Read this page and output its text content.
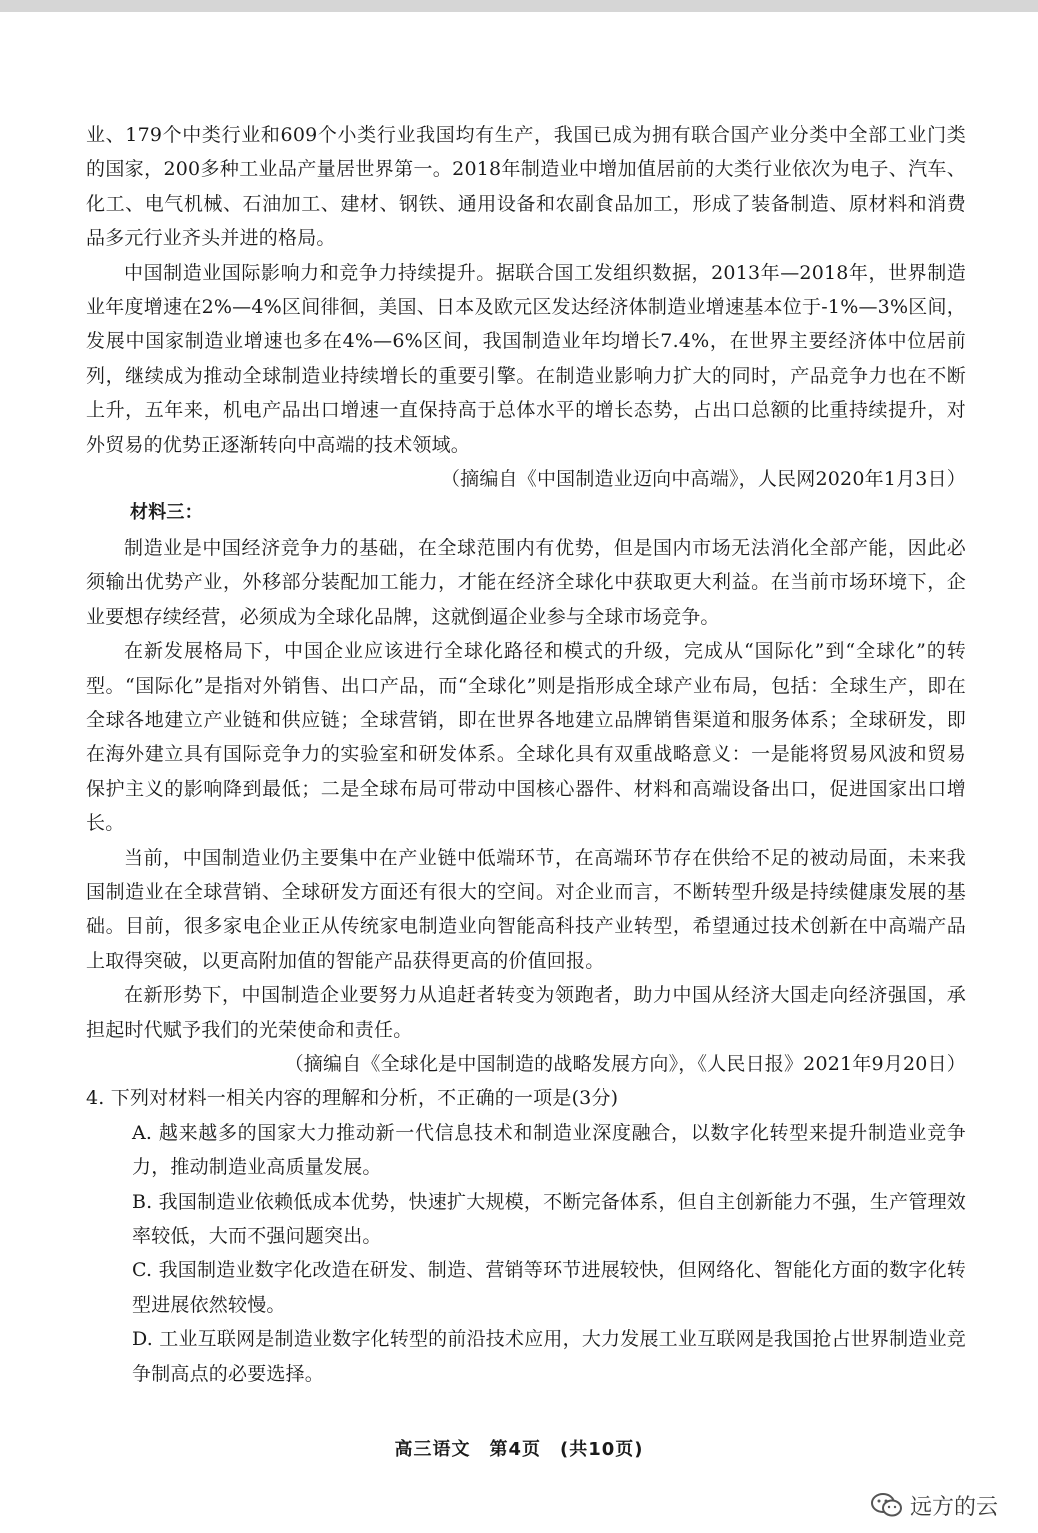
业、179个中类行业和609个小类行业我国均有生产，我国已成为拥有联合国产业分类中全部工业门类的国家，200多种工业品产量居世界第一。2018年制造业中增加值居前的大类行业依次为电子、汽车、化工、电气机械、石油加工、建材、钢铁、通用设备和农副食品加工，形成了装备制造、原材料和消费品多元行业齐头并进的格局。

中国制造业国际影响力和竞争力持续提升。据联合国工发组织数据，2013年—2018年，世界制造业年度增速在2%—4%区间徘徊，美国、日本及欧元区发达经济体制造业增速基本位于-1%—3%区间，发展中国家制造业增速也多在4%—6%区间，我国制造业年均增长7.4%，在世界主要经济体中位居前列，继续成为推动全球制造业持续增长的重要引擎。在制造业影响力扩大的同时，产品竞争力也在不断上升，五年来，机电产品出口增速一直保持高于总体水平的增长态势，占出口总额的比重持续提升，对外贸易的优势正逐渐转向中高端的技术领域。

（摘编自《中国制造业迈向中高端》，人民网2020年1月3日）

材料三：

制造业是中国经济竞争力的基础，在全球范围内有优势，但是国内市场无法消化全部产能，因此必须输出优势产业，外移部分装配加工能力，才能在经济全球化中获取更大利益。在当前市场环境下，企业要想存续经营，必须成为全球化品牌，这就倒逼企业参与全球市场竞争。

在新发展格局下，中国企业应该进行全球化路径和模式的升级，完成从“国际化”到“全球化”的转型。“国际化”是指对外销售、出口产品，而“全球化”则是指形成全球产业布局，包括：全球生产，即在全球各地建立产业链和供应链；全球营销，即在世界各地建立品牌销售渠道和服务体系；全球研发，即在海外建立具有国际竞争力的实验室和研发体系。全球化具有双重战略意义：一是能将贸易风波和贸易保护主义的影响降到最低；二是全球布局可带动中国核心器件、材料和高端设备出口，促进国家出口增长。

当前，中国制造业仍主要集中在产业链中低端环节，在高端环节存在供给不足的被动局面，未来我国制造业在全球营销、全球研发方面还有很大的空间。对企业而言，不断转型升级是持续健康发展的基础。目前，很多家电企业正从传统家电制造业向智能高科技产业转型，希望通过技术创新在中高端产品上取得突破，以更高附加值的智能产品获得更高的价值回报。

在新形势下，中国制造企业要努力从追赶者转变为领跑者，助力中国从经济大国走向经济强国，承担起时代赋予我们的光荣使命和责任。

（摘编自《全球化是中国制造的战略发展方向》，《人民日报》2021年9月20日）

4. 下列对材料一相关内容的理解和分析，不正确的一项是(3分)

A. 越来越多的国家大力推动新一代信息技术和制造业深度融合，以数字化转型来提升制造业竞争力，推动制造业高质量发展。

B. 我国制造业依赖低成本优势，快速扩大规模，不断完备体系，但自主创新能力不强，生产管理效率较低，大而不强问题突出。

C. 我国制造业数字化改造在研发、制造、营销等环节进展较快，但网络化、智能化方面的数字化转型进展依然较慢。

D. 工业互联网是制造业数字化转型的前沿技术应用，大力发展工业互联网是我国抢占世界制造业竞争制高点的必要选择。

高三语文　第4页　(共10页)
远方的云
